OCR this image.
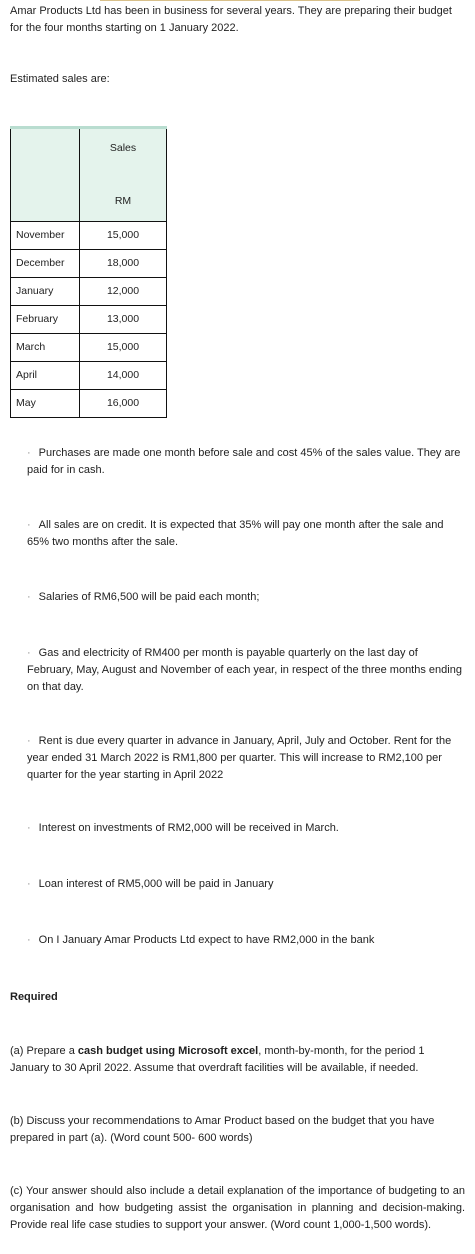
Amar Products Ltd has been in business for several years. They are preparing their budget for the four months starting on 1 January 2022.

Estimated sales are:

	Sales
RM

November	15,000
December	18,000
January	12,000
February	13,000
March	15,000
April	14,000
May	16,000

· Purchases are made one month before sale and cost 45% of the sales value. They are paid for in cash.

· All sales are on credit. It is expected that 35% will pay one month after the sale and 65% two months after the sale.

· Salaries of RM6,500 will be paid each month;

· Gas and electricity of RM400 per month is payable quarterly on the last day of February, May, August and November of each year, in respect of the three months ending on that day.

· Rent is due every quarter in advance in January, April, July and October. Rent for the year ended 31 March 2022 is RM1,800 per quarter. This will increase to RM2,100 per quarter for the year starting in April 2022

· Interest on investments of RM2,000 will be received in March.

· Loan interest of RM5,000 will be paid in January

· On I January Amar Products Ltd expect to have RM2,000 in the bank

Required

(a) Prepare a cash budget using Microsoft excel, month-by-month, for the period 1 January to 30 April 2022. Assume that overdraft facilities will be available, if needed.

(b) Discuss your recommendations to Amar Product based on the budget that you have prepared in part (a). (Word count 500- 600 words)

(c) Your answer should also include a detail explanation of the importance of budgeting to an organisation and how budgeting assist the organisation in planning and decision-making. Provide real life case studies to support your answer. (Word count 1,000-1,500 words).
